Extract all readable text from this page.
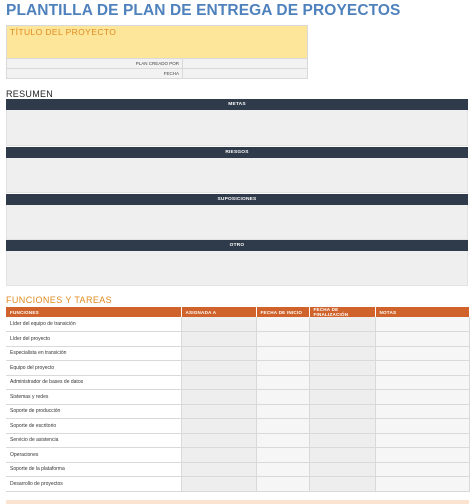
PLANTILLA DE PLAN DE ENTREGA DE PROYECTOS
TÍTULO DEL PROYECTO
PLAN CREADO POR
FECHA
RESUMEN
METAS
RIESGOS
SUPOSICIONES
OTRO
FUNCIONES Y TAREAS
FUNCIONES	ASIGNADA A	FECHA DE INICIO	FECHA DE FINALIZACIÓN	NOTAS
Líder del equipo de transición				
Líder del proyecto				
Especialista en transición				
Equipo del proyecto				
Administrador de bases de datos				
Sistemas y redes				
Soporte de producción				
Soporte de escritorio				
Servicio de asistencia				
Operaciones				
Soporte de la plataforma				
Desarrollo de proyectos				
